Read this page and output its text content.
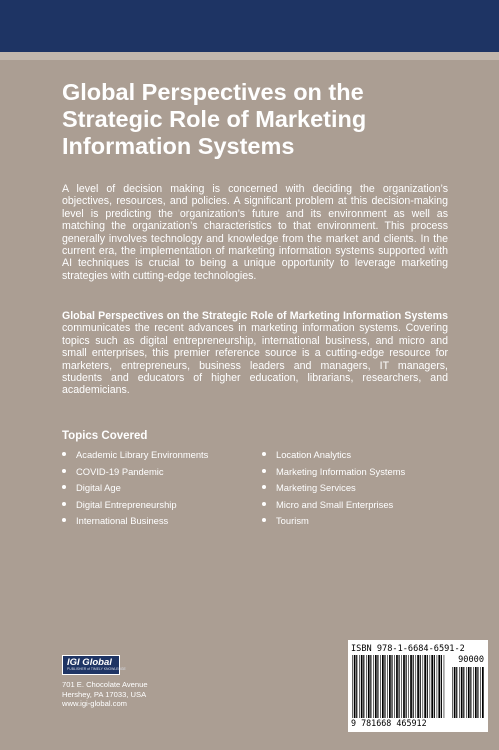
Global Perspectives on the Strategic Role of Marketing Information Systems

A level of decision making is concerned with deciding the organization’s objectives, resources, and policies. A significant problem at this decision-making level is predicting the organization’s future and its environment as well as matching the organization’s characteristics to that environment. This process generally involves technology and knowledge from the market and clients. In the current era, the implementation of marketing information systems supported with AI techniques is crucial to being a unique opportunity to leverage marketing strategies with cutting-edge technologies.

Global Perspectives on the Strategic Role of Marketing Information Systems communicates the recent advances in marketing information systems. Covering topics such as digital entrepreneurship, international business, and micro and small enterprises, this premier reference source is a cutting-edge resource for marketers, entrepreneurs, business leaders and managers, IT managers, students and educators of higher education, librarians, researchers, and academicians.

Topics Covered
Academic Library Environments
COVID-19 Pandemic
Digital Age
Digital Entrepreneurship
International Business
Location Analytics
Marketing Information Systems
Marketing Services
Micro and Small Enterprises
Tourism
IGI Global
PUBLISHER of TIMELY KNOWLEDGE
701 E. Chocolate Avenue
Hershey, PA 17033, USA
www.igi-global.com
ISBN 978-1-6684-6591-2
90000
9 781668 465912
